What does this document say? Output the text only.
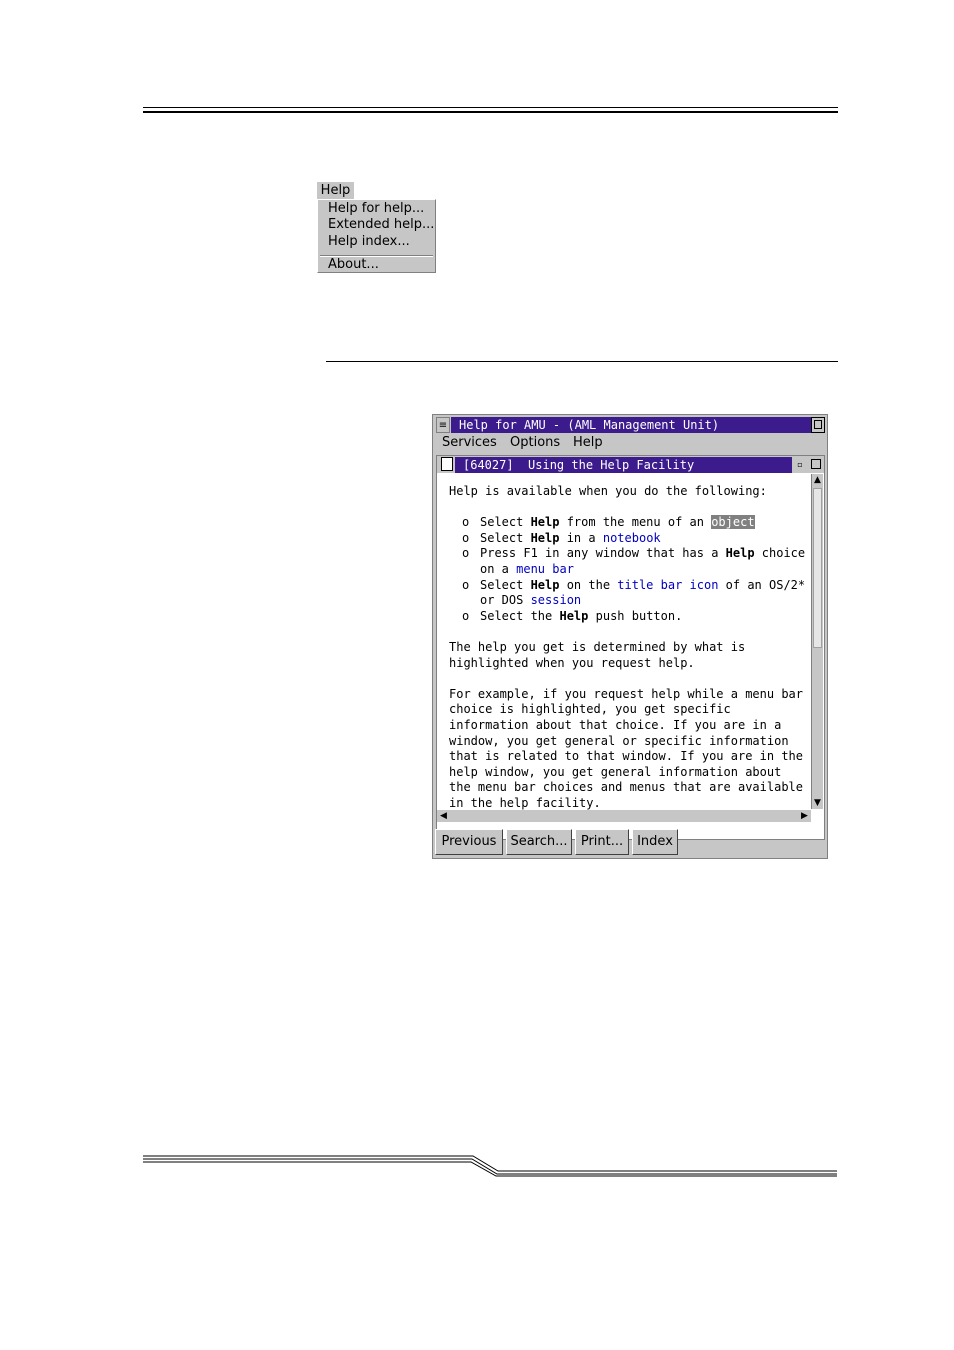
Help
Help for help...
Extended help...
Help index...
About...
≡ Help for AMU - (AML Management Unit)
Services Options Help
[64027]  Using the Help Facility	▫

Help is available when you do the following:

o Select Help from the menu of an object
o Select Help in a notebook
o Press F1 in any window that has a Help choice on a menu bar
o Select Help on the title bar icon of an OS/2* or DOS session
o Select the Help push button.

The help you get is determined by what is highlighted when you request help.

For example, if you request help while a menu bar choice is highlighted, you get specific information about that choice. If you are in a window, you get general or specific information that is related to that window. If you are in the help window, you get general information about the menu bar choices and menus that are available in the help facility.

▲
▼
◀	▶
Previous	Search...	Print...	Index
